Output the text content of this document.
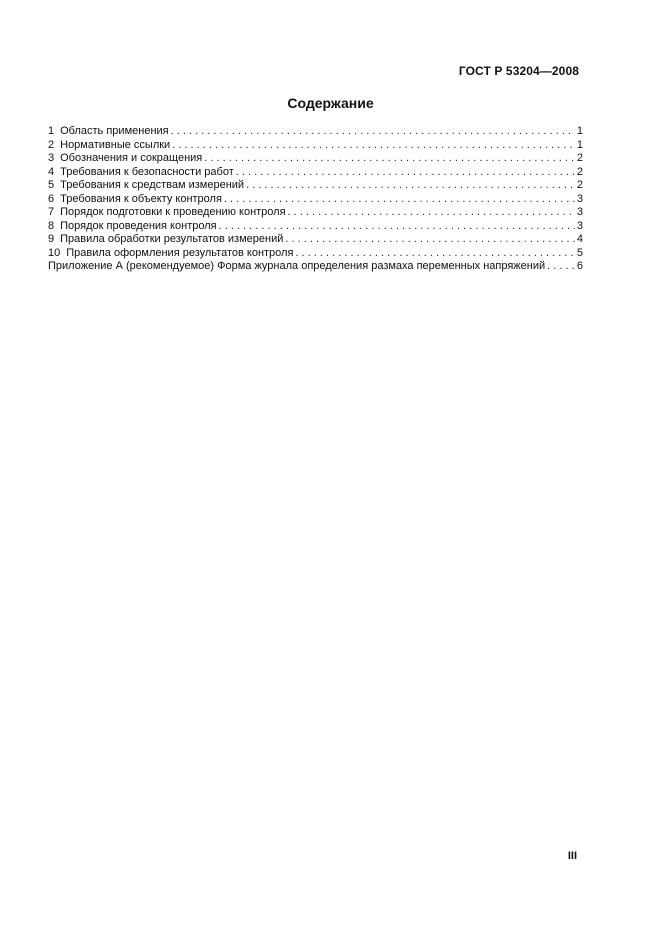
ГОСТ Р 53204—2008
Содержание
1 Область применения . . .	1
2 Нормативные ссылки . . .	1
3 Обозначения и сокращения . . .	2
4 Требования к безопасности работ . . .	2
5 Требования к средствам измерений . . .	2
6 Требования к объекту контроля . . .	3
7 Порядок подготовки к проведению контроля . . .	3
8 Порядок проведения контроля . . .	3
9 Правила обработки результатов измерений . . .	4
10 Правила оформления результатов контроля . . .	5
Приложение А (рекомендуемое) Форма журнала определения размаха переменных напряжений . . .	6
III
